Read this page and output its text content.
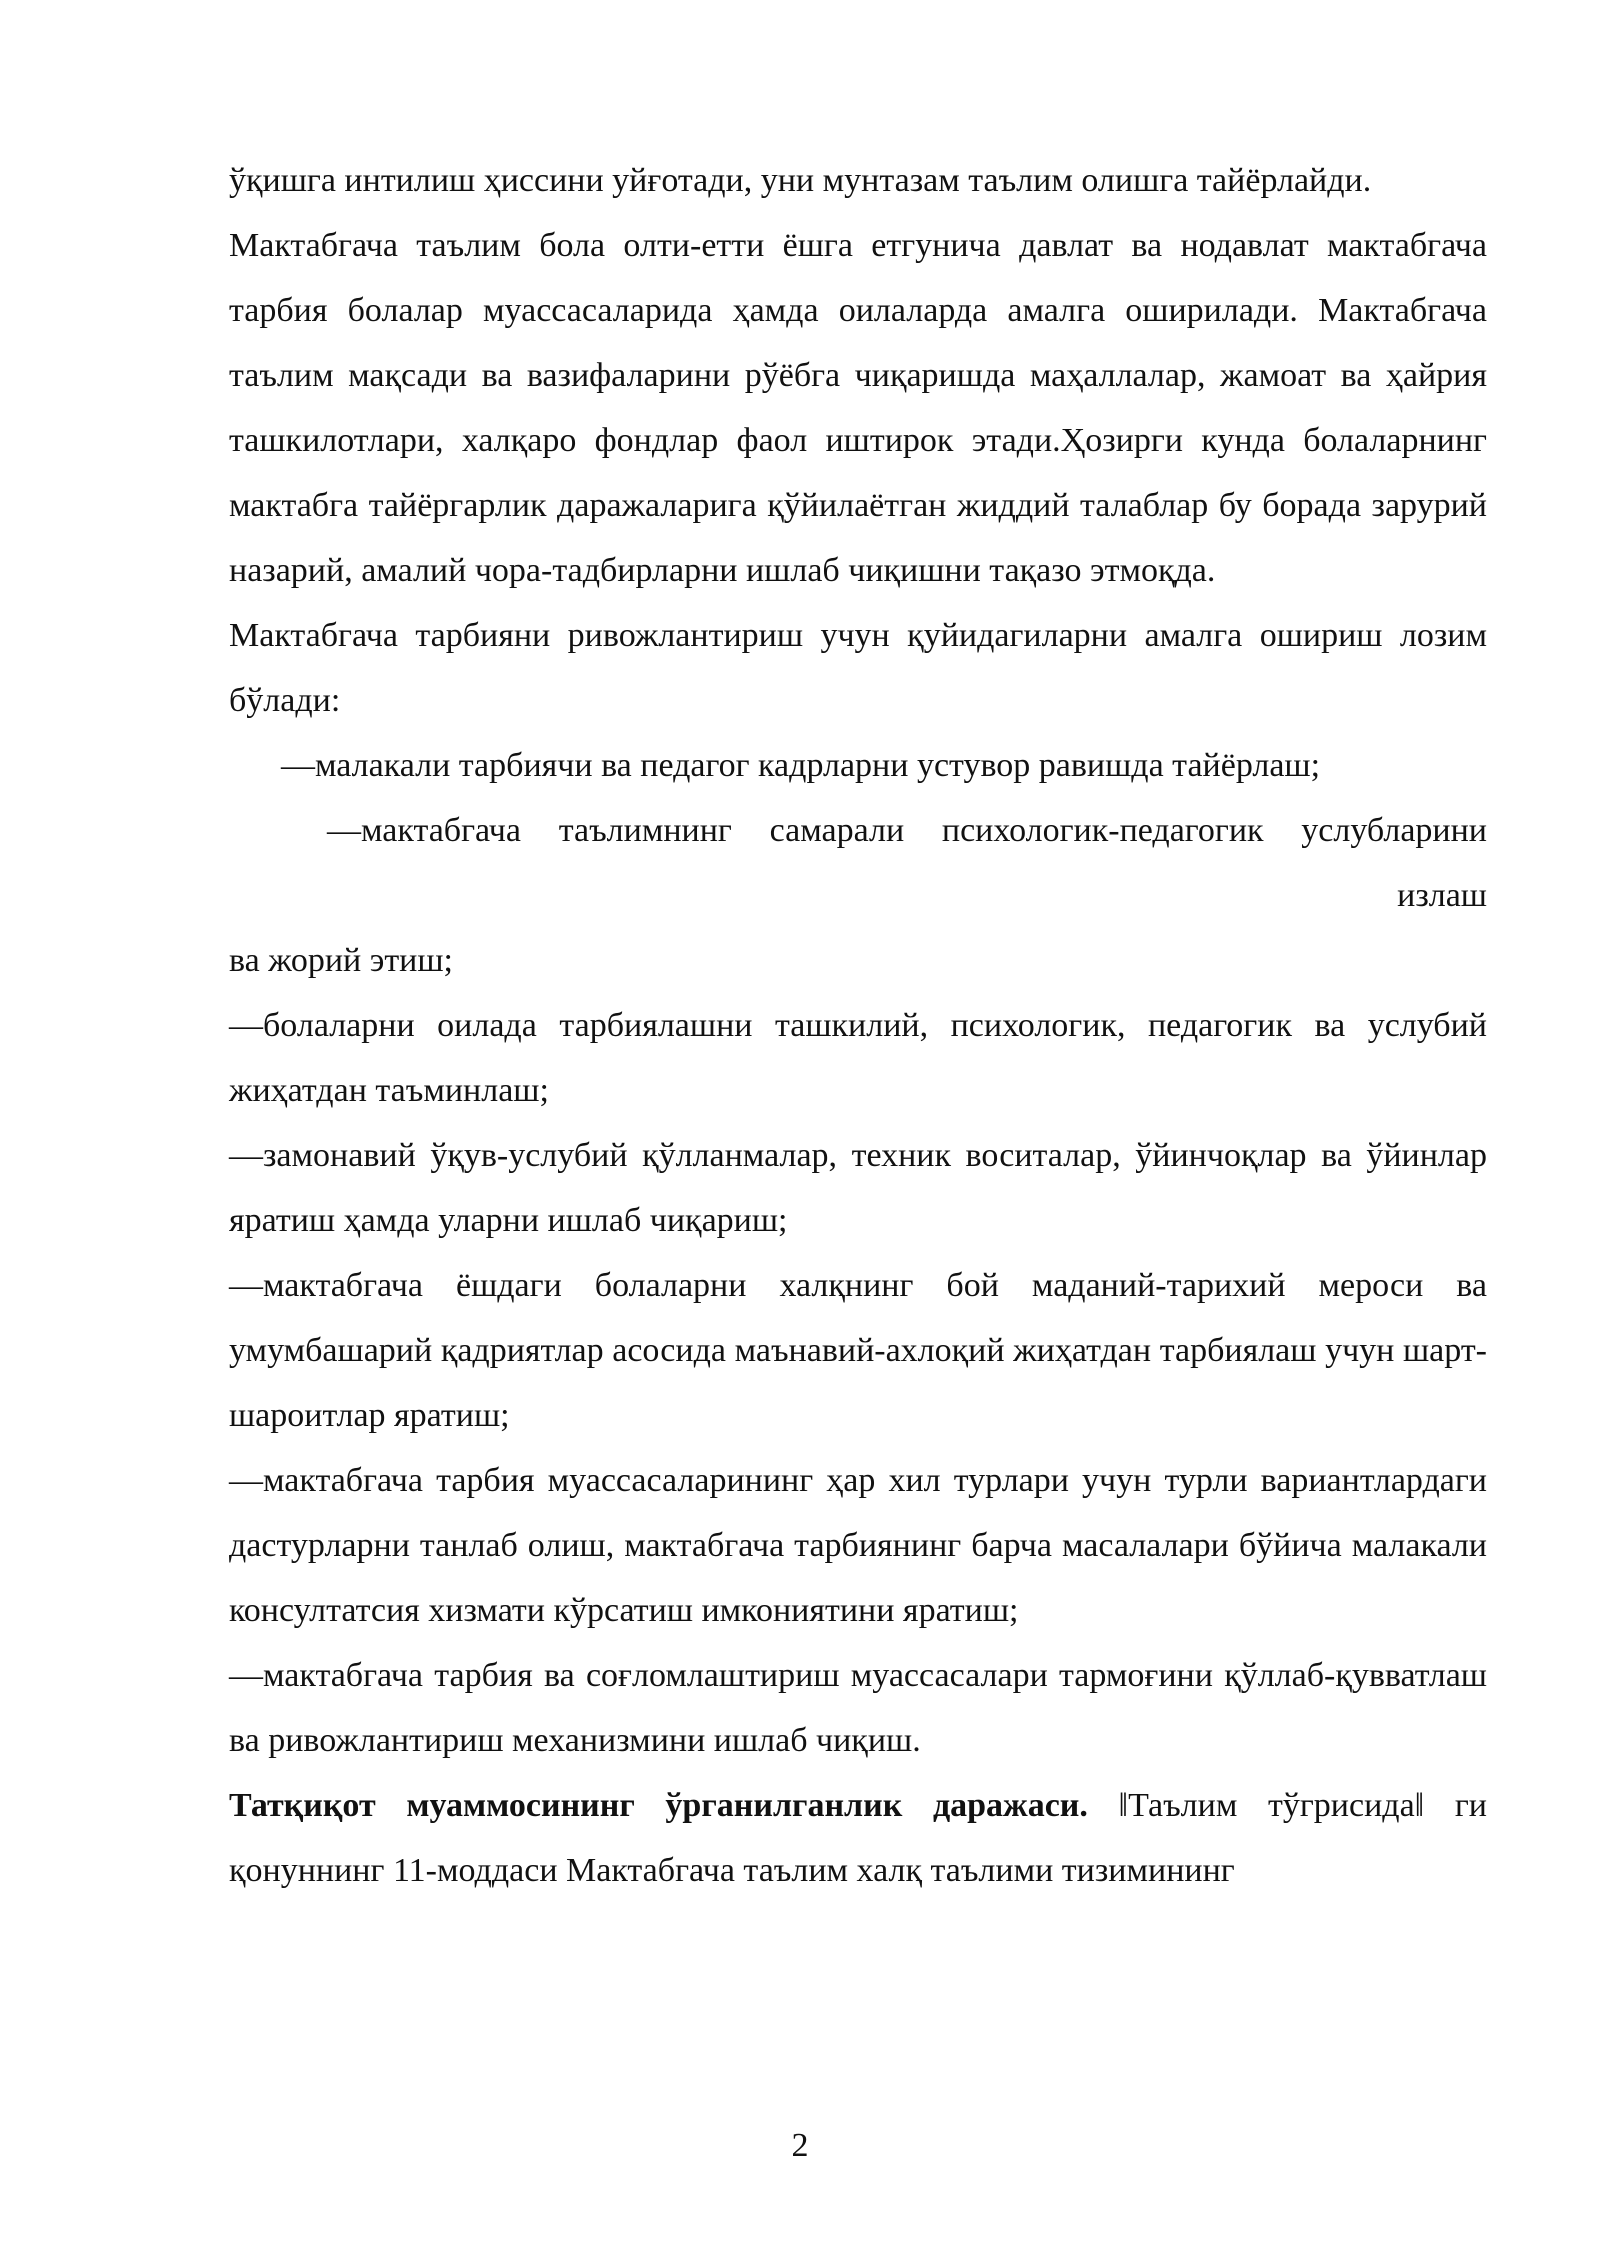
ўқишга интилиш ҳиссини уйғотади, уни мунтазам таълим олишга тайёрлайди.

Мактабгача таълим бола олти-етти ёшга етгунича давлат ва нодавлат мактабгача тарбия болалар муассасаларида ҳамда оилаларда амалга оширилади. Мактабгача таълим мақсади ва вазифаларини рўёбга чиқаришда маҳаллалар, жамоат ва ҳайрия ташкилотлари, халқаро фондлар фаол иштирок этади.Ҳозирги кунда болаларнинг мактабга тайёргарлик даражаларига қўйилаётган жиддий талаблар бу борада зарурий назарий, амалий чора-тадбирларни ишлаб чиқишни тақазо этмоқда.

Мактабгача тарбияни ривожлантириш учун қуйидагиларни амалга ошириш лозим бўлади:

—малакали тарбиячи ва педагог кадрларни устувор равишда тайёрлаш;

—мактабгача таълимнинг самарали психологик-педагогик услубларини

излаш

ва жорий этиш;

—болаларни оилада тарбиялашни ташкилий, психологик, педагогик ва услубий жиҳатдан таъминлаш;

—замонавий ўқув-услубий қўлланмалар, техник воситалар, ўйинчоқлар ва ўйинлар яратиш ҳамда уларни ишлаб чиқариш;

—мактабгача ёшдаги болаларни халқнинг бой маданий-тарихий мероси ва умумбашарий қадриятлар асосида маънавий-ахлоқий жиҳатдан тарбиялаш учун шарт-шароитлар яратиш;

—мактабгача тарбия муассасаларининг ҳар хил турлари учун турли вариантлардаги дастурларни танлаб олиш, мактабгача тарбиянинг барча масалалари бўйича малакали консултатсия хизмати кўрсатиш имкониятини яратиш;

—мактабгача тарбия ва соғломлаштириш муассасалари тармоғини қўллаб-қувватлаш ва ривожлантириш механизмини ишлаб чиқиш.

Татқиқот муаммосининг ўрганилганлик даражаси. ‖Таълим тўгрисида‖ ги қонуннинг 11-моддаси Мактабгача таълим халқ таълими тизимининг

2
